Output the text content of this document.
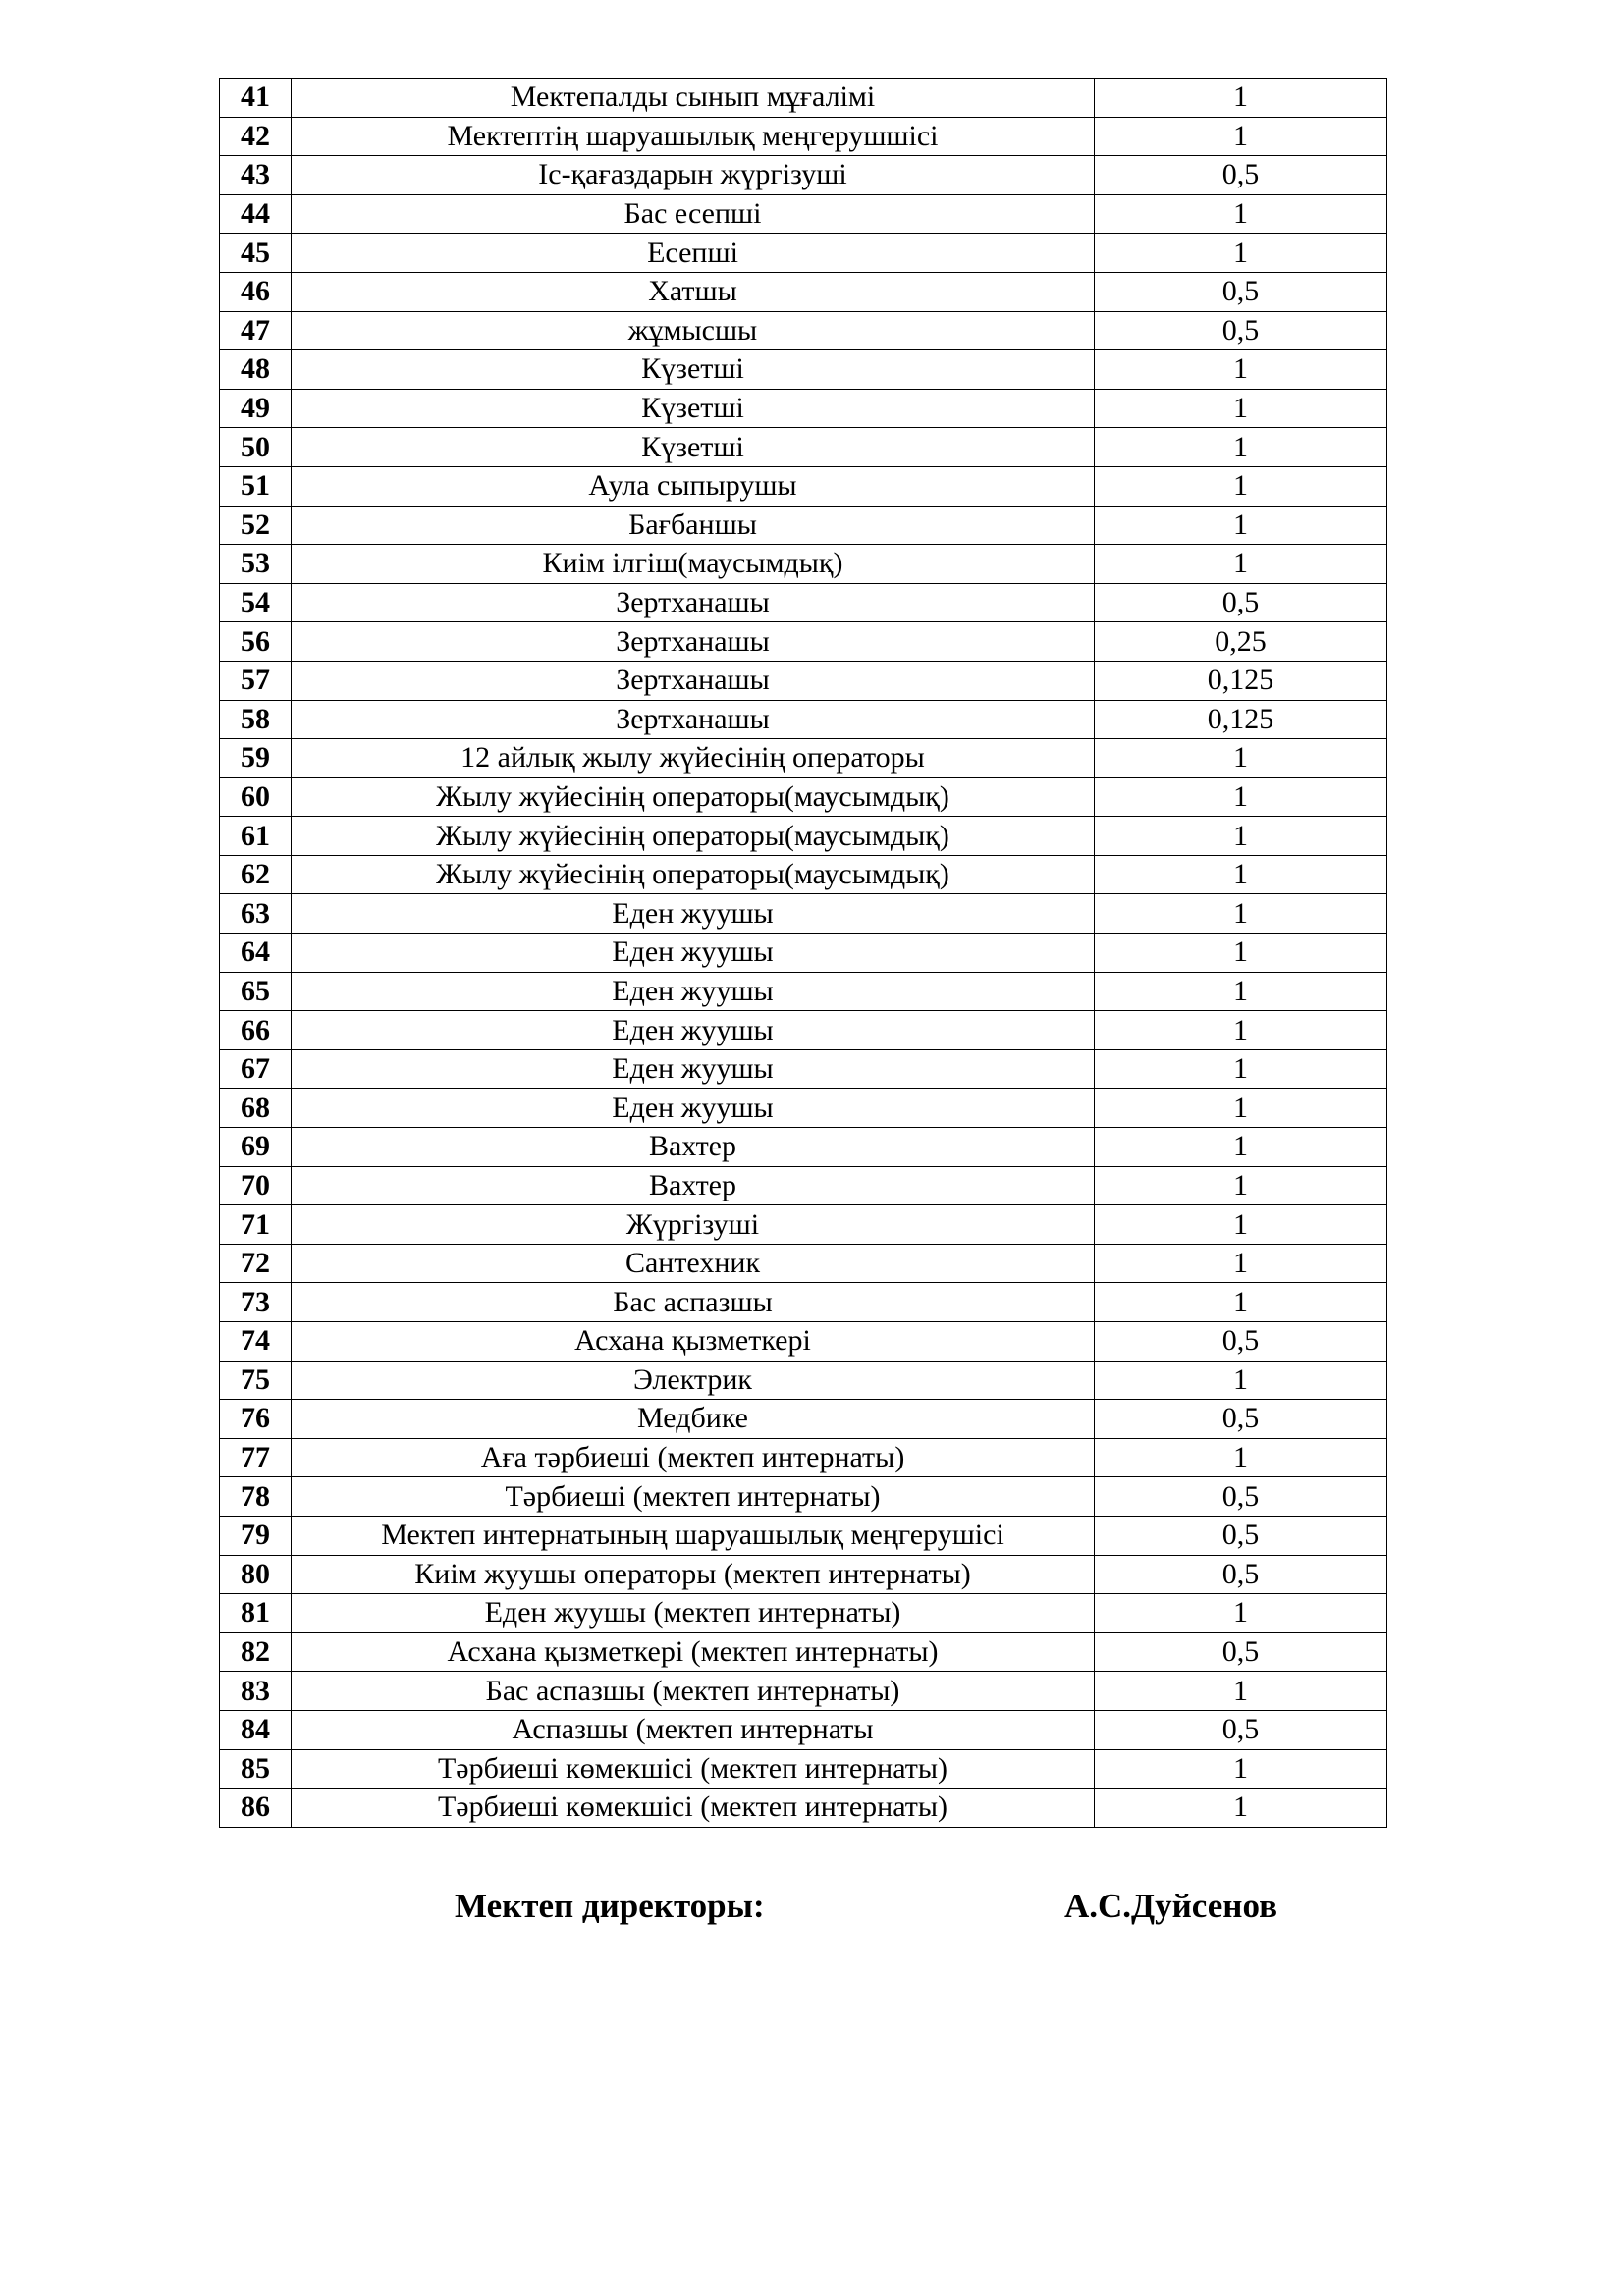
41	Мектепалды сынып мұғалімі	1
42	Мектептің шаруашылық меңгерушшісі	1
43	Іс-қағаздарын жүргізуші	0,5
44	Бас есепші	1
45	Есепші	1
46	Хатшы	0,5
47	жұмысшы	0,5
48	Күзетші	1
49	Күзетші	1
50	Күзетші	1
51	Аула сыпырушы	1
52	Бағбаншы	1
53	Киім ілгіш(маусымдық)	1
54	Зертханашы	0,5
56	Зертханашы	0,25
57	Зертханашы	0,125
58	Зертханашы	0,125
59	12 айлық жылу жүйесінің операторы	1
60	Жылу жүйесінің операторы(маусымдық)	1
61	Жылу жүйесінің операторы(маусымдық)	1
62	Жылу жүйесінің операторы(маусымдық)	1
63	Еден жуушы	1
64	Еден жуушы	1
65	Еден жуушы	1
66	Еден жуушы	1
67	Еден жуушы	1
68	Еден жуушы	1
69	Вахтер	1
70	Вахтер	1
71	Жүргізуші	1
72	Сантехник	1
73	Бас аспазшы	1
74	Асхана қызметкері	0,5
75	Электрик	1
76	Медбике	0,5
77	Аға тәрбиеші (мектеп интернаты)	1
78	Тәрбиеші (мектеп интернаты)	0,5
79	Мектеп интернатының шаруашылық меңгерушісі	0,5
80	Киім жуушы операторы (мектеп интернаты)	0,5
81	Еден жуушы (мектеп интернаты)	1
82	Асхана қызметкері (мектеп интернаты)	0,5
83	Бас аспазшы (мектеп интернаты)	1
84	Аспазшы (мектеп интернаты	0,5
85	Тәрбиеші көмекшісі (мектеп интернаты)	1
86	Тәрбиеші көмекшісі (мектеп интернаты)	1
Мектеп директоры:	А.С.Дуйсенов
